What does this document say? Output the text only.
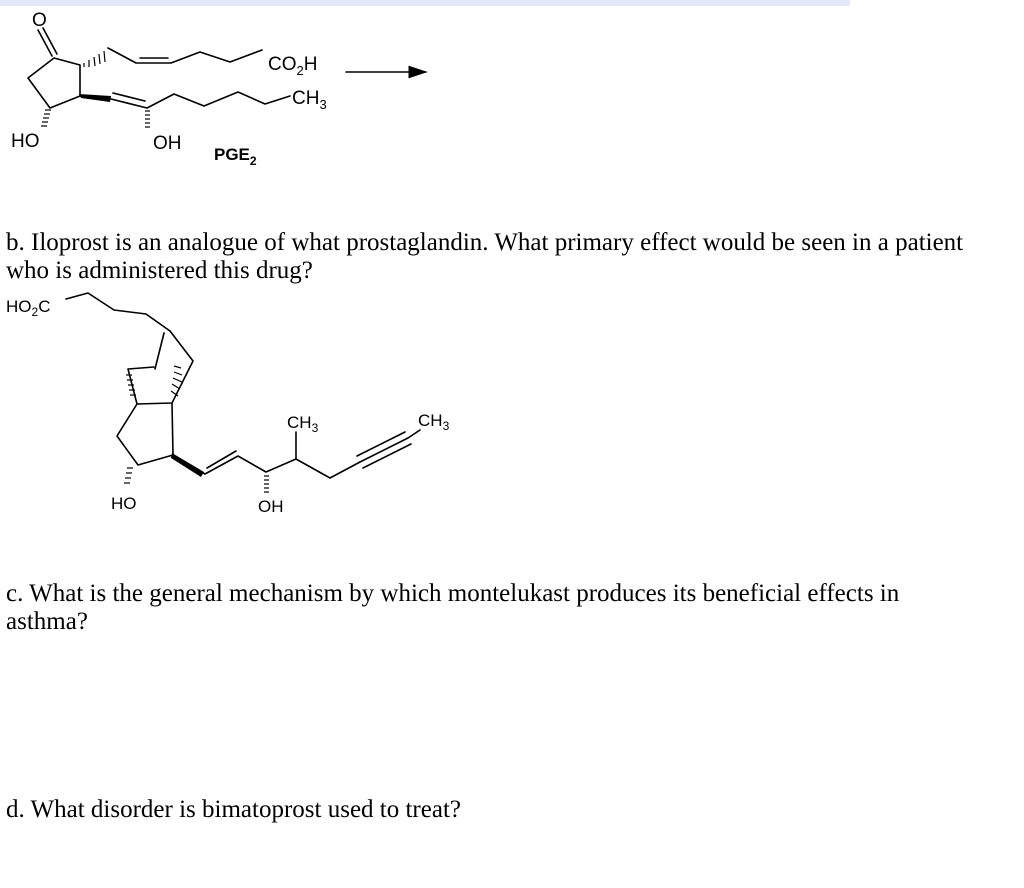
O
HO	OH
$CO_2H$
$CH_3$
$PGE_2$
$HO_2C$
HO	OH
$CH_3$	$CH_3$

b. Iloprost is an analogue of what prostaglandin. What primary effect would be seen in a patient

who is administered this drug?

c. What is the general mechanism by which montelukast produces its beneficial effects in

asthma?

d. What disorder is bimatoprost used to treat?
